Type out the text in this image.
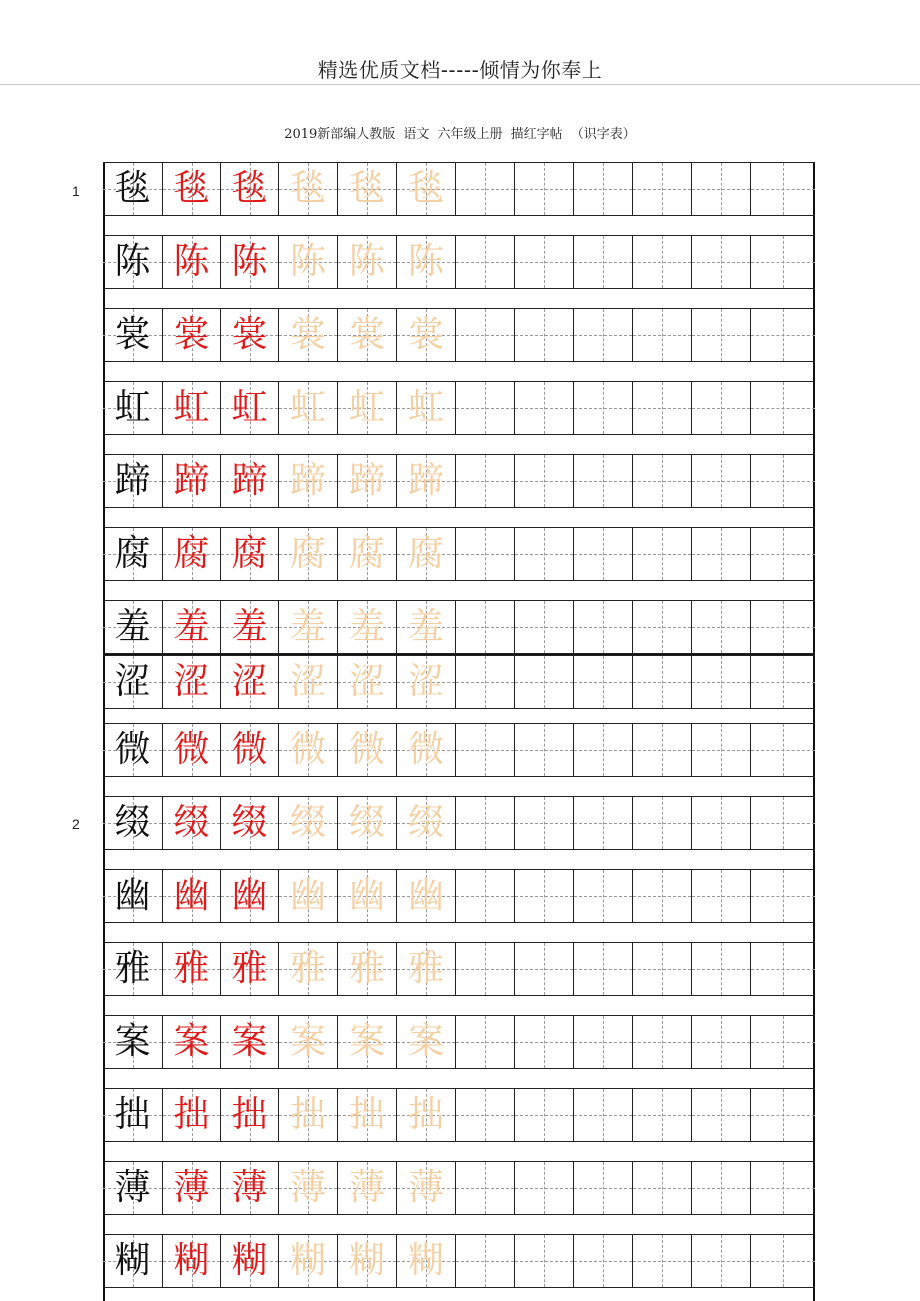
精选优质文档-----倾情为你奉上
2019新部编人教版 语文 六年级上册 描红字帖 （识字表）
1
2
毯 毯 毯 毯 毯 毯
陈 陈 陈 陈 陈 陈
裳 裳 裳 裳 裳 裳
虹 虹 虹 虹 虹 虹
蹄 蹄 蹄 蹄 蹄 蹄
腐 腐 腐 腐 腐 腐
羞 羞 羞 羞 羞 羞
涩 涩 涩 涩 涩 涩
微 微 微 微 微 微
缀 缀 缀 缀 缀 缀
幽 幽 幽 幽 幽 幽
雅 雅 雅 雅 雅 雅
案 案 案 案 案 案
拙 拙 拙 拙 拙 拙
薄 薄 薄 薄 薄 薄
糊 糊 糊 糊 糊 糊
